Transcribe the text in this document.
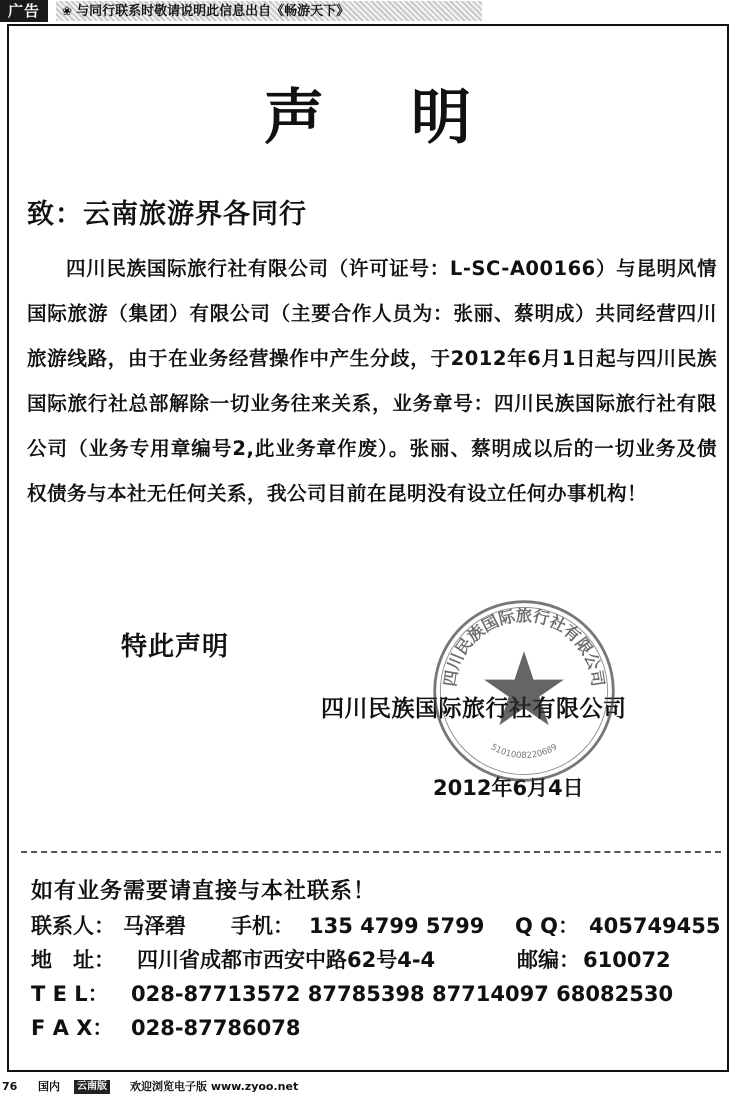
广告	❀ 与同行联系时敬请说明此信息出自《畅游天下》
声 明
致：云南旅游界各同行
四川民族国际旅行社有限公司（许可证号：L-SC-A00166）与昆明风情国际旅游（集团）有限公司（主要合作人员为：张丽、蔡明成）共同经营四川旅游线路，由于在业务经营操作中产生分歧，于2012年6月1日起与四川民族国际旅行社总部解除一切业务往来关系，业务章号：四川民族国际旅行社有限公司（业务专用章编号2,此业务章作废）。张丽、蔡明成以后的一切业务及债权债务与本社无任何关系，我公司目前在昆明没有设立任何办事机构！
特此声明
四川民族国际旅行社有限公司
2012年6月4日
四川民族国际旅行社有限公司
5101008220689
如有业务需要请直接与本社联系！
联系人： 马泽碧 手机： 135 4799 5799 Q Q： 405749455
地　址： 四川省成都市西安中路62号4-4	邮编： 610072
T E L： 028-87713572 87785398 87714097 68082530
F A X： 028-87786078
76 国内	云南版 欢迎浏览电子版 www.zyoo.net
